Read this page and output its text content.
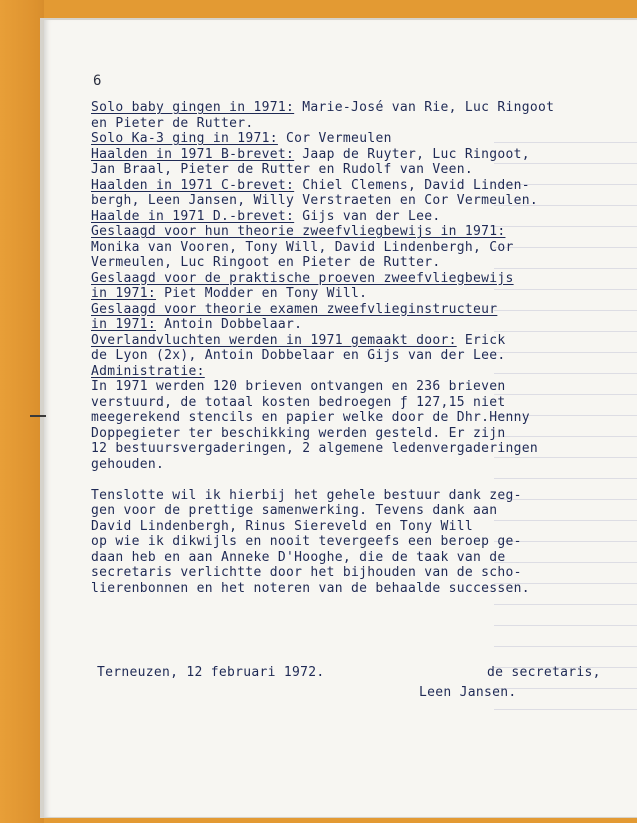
6
Solo baby gingen in 1971: Marie-José van Rie, Luc Ringoot
en Pieter de Rutter.
Solo Ka-3 ging in 1971: Cor Vermeulen
Haalden in 1971 B-brevet: Jaap de Ruyter, Luc Ringoot,
Jan Braal, Pieter de Rutter en Rudolf van Veen.
Haalden in 1971 C-brevet: Chiel Clemens, David Linden-
bergh, Leen Jansen, Willy Verstraeten en Cor Vermeulen.
Haalde in 1971 D.-brevet: Gijs van der Lee.
Geslaagd voor hun theorie zweefvliegbewijs in 1971:
Monika van Vooren, Tony Will, David Lindenbergh, Cor
Vermeulen, Luc Ringoot en Pieter de Rutter.
Geslaagd voor de praktische proeven zweefvliegbewijs
in 1971: Piet Modder en Tony Will.
Geslaagd voor theorie examen zweefvlieginstructeur
in 1971: Antoin Dobbelaar.
Overlandvluchten werden in 1971 gemaakt door: Erick
de Lyon (2x), Antoin Dobbelaar en Gijs van der Lee.
Administratie:
In 1971 werden 120 brieven ontvangen en 236 brieven
verstuurd, de totaal kosten bedroegen ƒ 127,15 niet
meegerekend stencils en papier welke door de Dhr.Henny
Doppegieter ter beschikking werden gesteld. Er zijn
12 bestuursvergaderingen, 2 algemene ledenvergaderingen
gehouden.
Tenslotte wil ik hierbij het gehele bestuur dank zeg-
gen voor de prettige samenwerking. Tevens dank aan
David Lindenbergh, Rinus Siereveld en Tony Will
op wie ik dikwijls en nooit tevergeefs een beroep ge-
daan heb en aan Anneke D'Hooghe, die de taak van de
secretaris verlichtte door het bijhouden van de scho-
lierenbonnen en het noteren van de behaalde successen.
Terneuzen, 12 februari 1972.	de secretaris,
Leen Jansen.
